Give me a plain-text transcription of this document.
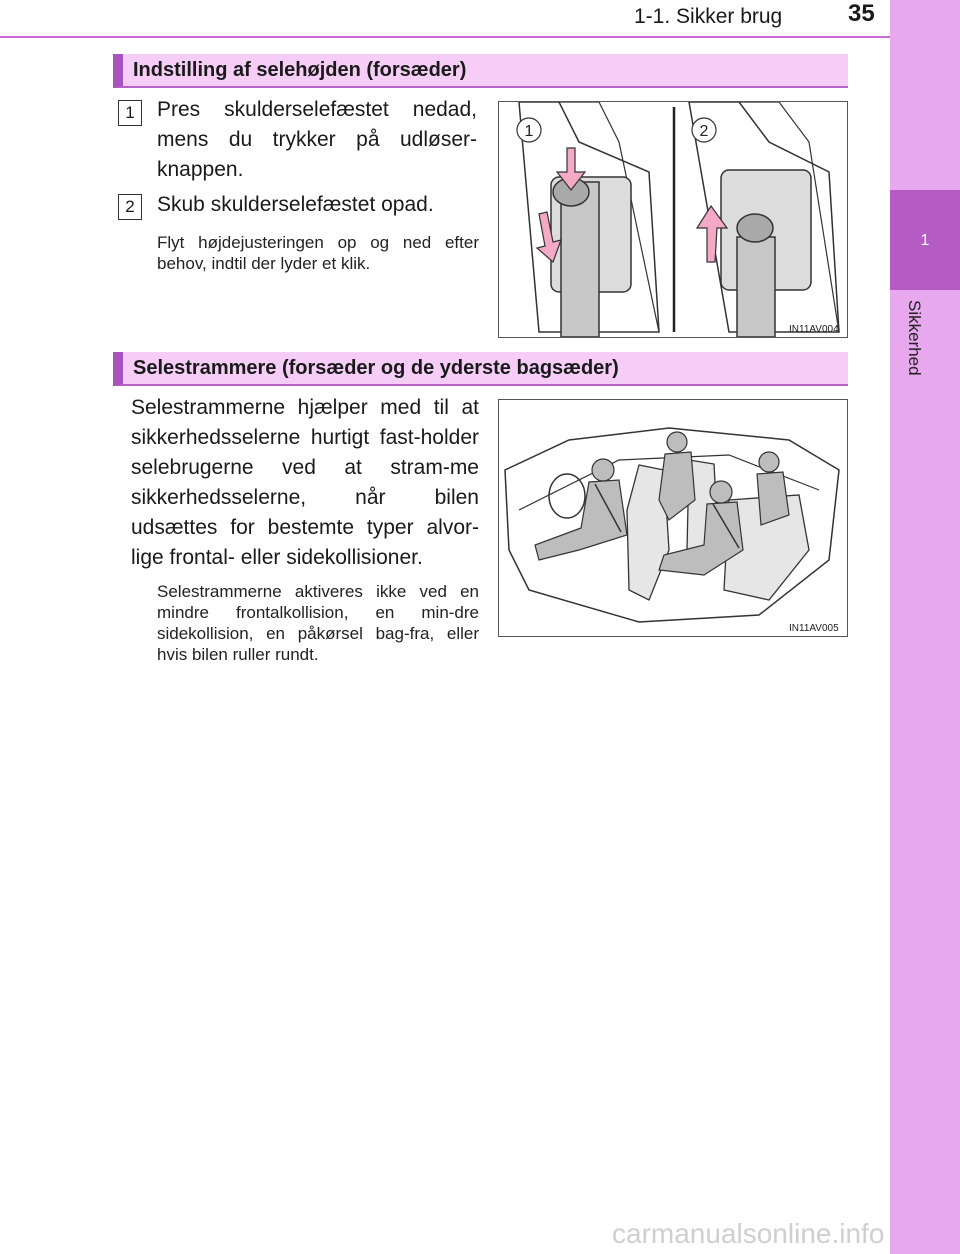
1-1. Sikker brug	35
1
Sikkerhed
Indstilling af selehøjden (forsæder)
1	Pres skulderselefæstet nedad, mens du trykker på udløser-knappen.
2	Skub skulderselefæstet opad.
Flyt højdejusteringen op og ned efter behov, indtil der lyder et klik.
1	2
IN11AV004
Selestrammere (forsæder og de yderste bagsæder)
Selestrammerne hjælper med til at sikkerhedsselerne hurtigt fast-holder selebrugerne ved at stram-me sikkerhedsselerne, når bilen udsættes for bestemte typer alvor-lige frontal- eller sidekollisioner.
Selestrammerne aktiveres ikke ved en mindre frontalkollision, en min-dre sidekollision, en påkørsel bag-fra, eller hvis bilen ruller rundt.
IN11AV005
carmanualsonline.info
